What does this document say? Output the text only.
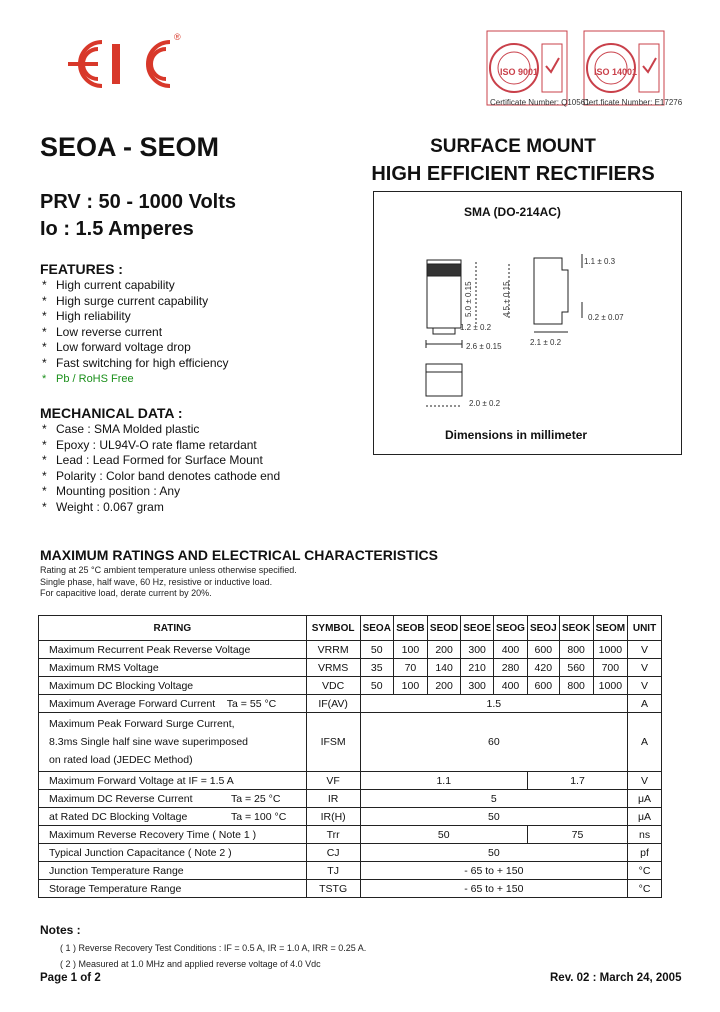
®
ISO 9001	ISO 14001
Certificate Number: Q10561
Cert.ficate Number: E17276
SEOA - SEOM
PRV : 50 - 1000 Volts
Io : 1.5 Amperes
SURFACE MOUNT
HIGH EFFICIENT RECTIFIERS
FEATURES :
* High current capability
* High surge current capability
* High reliability
* Low reverse current
* Low forward voltage drop
* Fast switching for high efficiency
* Pb / RoHS Free
MECHANICAL DATA :
* Case : SMA Molded plastic
* Epoxy : UL94V-O rate flame retardant
* Lead : Lead Formed for Surface Mount
* Polarity : Color band denotes cathode end
* Mounting position : Any
* Weight : 0.067 gram
SMA (DO-214AC)
1.1 ± 0.3
5.0 ± 0.15	4.5 ± 0.15
0.2 ± 0.07
1.2 ± 0.2
2.6 ± 0.15	2.1 ± 0.2
2.0 ± 0.2
Dimensions in millimeter
MAXIMUM RATINGS AND ELECTRICAL CHARACTERISTICS
Rating at 25 °C ambient temperature unless otherwise specified.
Single phase, half wave, 60 Hz, resistive or inductive load.
For capacitive load, derate current by 20%.
RATING	SYMBOL	SEOA	SEOB	SEOD	SEOE	SEOG	SEOJ	SEOK	SEOM	UNIT
Maximum Recurrent Peak Reverse Voltage	VRRM	50	100	200	300	400	600	800	1000	V
Maximum RMS Voltage	VRMS	35	70	140	210	280	420	560	700	V
Maximum DC Blocking Voltage	VDC	50	100	200	300	400	600	800	1000	V
Maximum Average Forward Current Ta = 55 °C	IF(AV)	1.5								A

Maximum Peak Forward Surge Current,
8.3ms Single half sine wave superimposed
on rated load (JEDEC Method)	IFSM	60								A
Maximum Forward Voltage at IF = 1.5 A	VF	1.1					1.7			V
Maximum DC Reverse Current Ta = 25 °C	IR	5								μA
at Rated DC Blocking Voltage Ta = 100 °C	IR(H)	50								μA
Maximum Reverse Recovery Time ( Note 1 )	Trr	50					75			ns
Typical Junction Capacitance ( Note 2 )	CJ	50								pf
Junction Temperature Range	TJ	- 65 to + 150								°C
Storage Temperature Range	TSTG	- 65 to + 150								°C
Notes :
( 1 ) Reverse Recovery Test Conditions : IF = 0.5 A, IR = 1.0 A, IRR = 0.25 A.
( 2 ) Measured at 1.0 MHz and applied reverse voltage of 4.0 Vdc
Page 1 of 2	Rev. 02 : March 24, 2005
